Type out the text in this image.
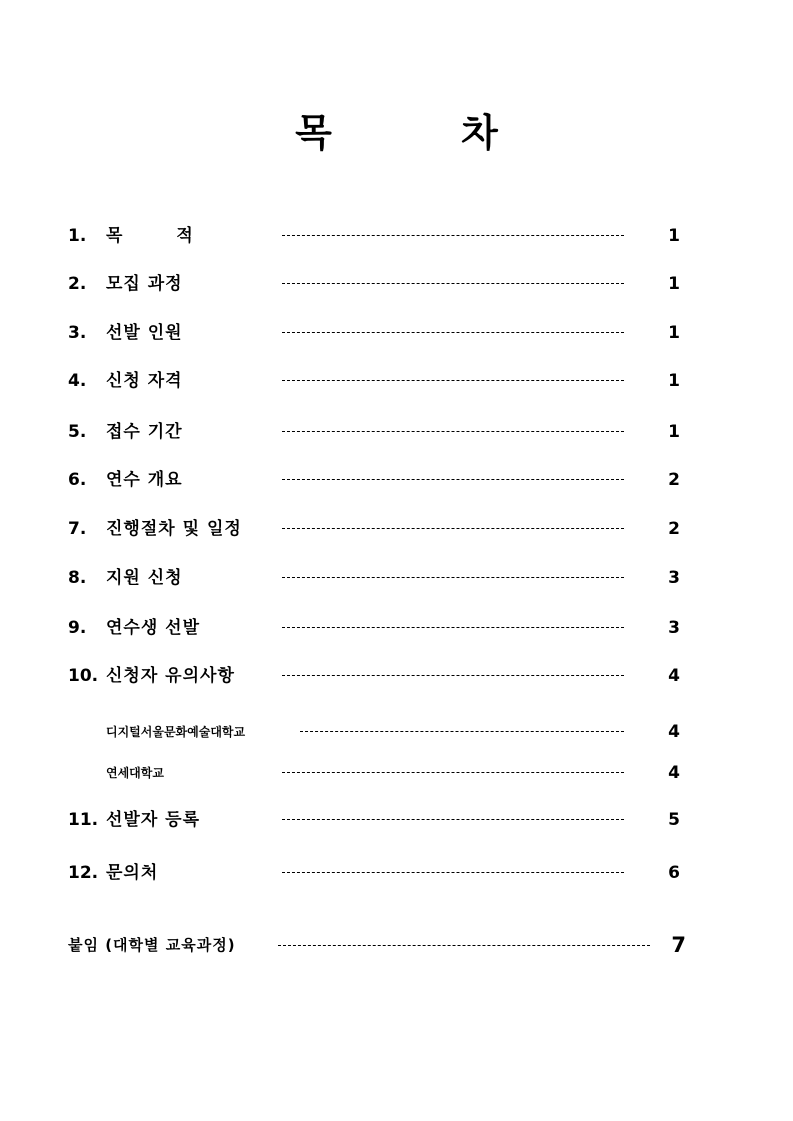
목 차
1. 목 적	1
2. 모집 과정	1
3. 선발 인원	1
4. 신청 자격	1
5. 접수 기간	1
6. 연수 개요	2
7. 진행절차 및 일정	2
8. 지원 신청	3
9. 연수생 선발	3
10. 신청자 유의사항	4
디지털서울문화예술대학교	4
연세대학교	4
11. 선발자 등록	5
12. 문의처	6
붙임 (대학별 교육과정)	7
